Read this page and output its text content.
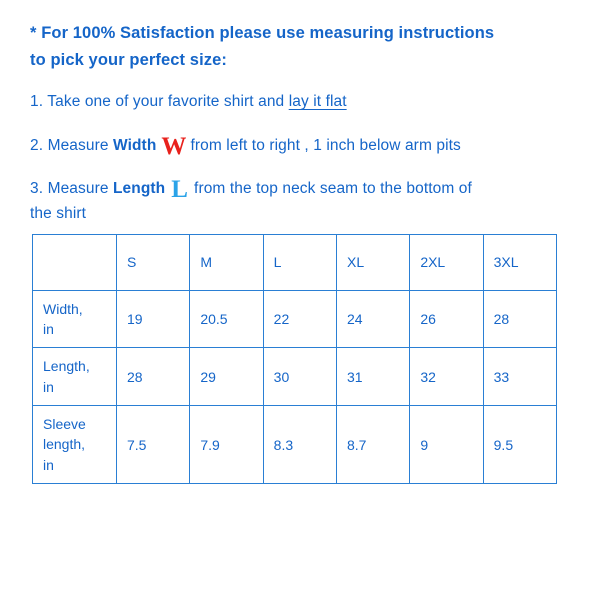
* For 100% Satisfaction please use measuring instructions
to pick your perfect size:
1. Take one of your favorite shirt and lay it flat
2. Measure Width W from left to right , 1 inch below arm pits
3. Measure Length L from the top neck seam to the bottom of
the shirt
	S	M	L	XL	2XL	3XL
Width,
in	19	20.5	22	24	26	28
Length,
in	28	29	30	31	32	33
Sleeve
length,
in	7.5	7.9	8.3	8.7	9	9.5
